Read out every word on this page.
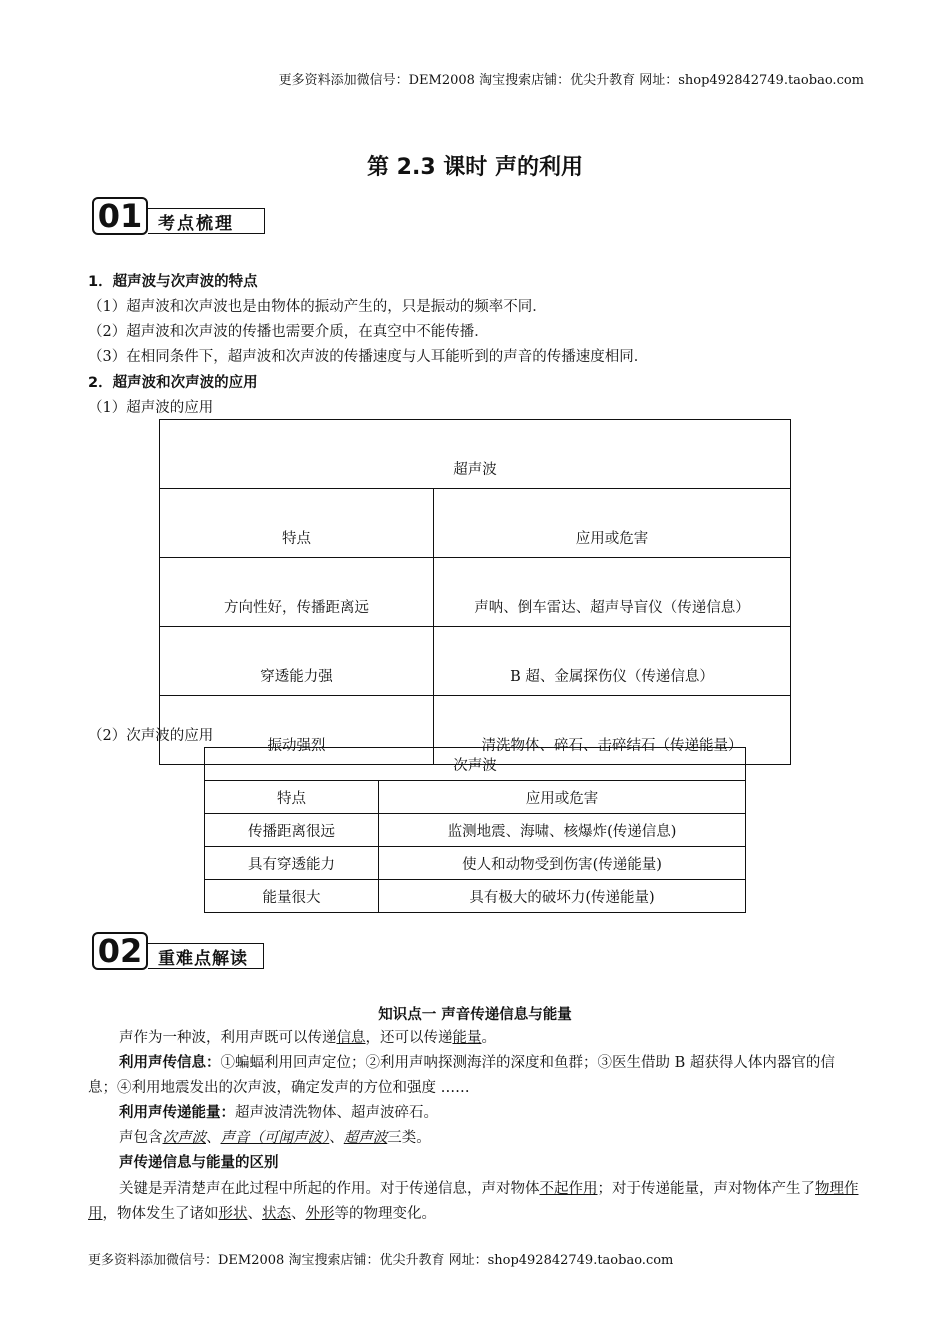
更多资料添加微信号：DEM2008 淘宝搜索店铺：优尖升教育 网址：shop492842749.taobao.com
第 2.3 课时 声的利用
01 考点梳理
1．超声波与次声波的特点
（1）超声波和次声波也是由物体的振动产生的，只是振动的频率不同．
（2）超声波和次声波的传播也需要介质，在真空中不能传播．
（3）在相同条件下，超声波和次声波的传播速度与人耳能听到的声音的传播速度相同．
2．超声波和次声波的应用
（1）超声波的应用
超声波	
特点	应用或危害
方向性好，传播距离远	声呐、倒车雷达、超声导盲仪（传递信息）
穿透能力强	B 超、金属探伤仪（传递信息）
振动强烈	清洗物体、碎石、击碎结石（传递能量）
（2）次声波的应用
次声波	
特点	应用或危害
传播距离很远	监测地震、海啸、核爆炸(传递信息)
具有穿透能力	使人和动物受到伤害(传递能量)
能量很大	具有极大的破坏力(传递能量)
02 重难点解读
知识点一 声音传递信息与能量
声作为一种波，利用声既可以传递信息，还可以传递能量。
利用声传信息：①蝙蝠利用回声定位；②利用声呐探测海洋的深度和鱼群；③医生借助 B 超获得人体内器官的信息；④利用地震发出的次声波，确定发声的方位和强度 ……
利用声传递能量：超声波清洗物体、超声波碎石。
声包含次声波、声音（可闻声波）、超声波三类。
声传递信息与能量的区别
关键是弄清楚声在此过程中所起的作用。对于传递信息，声对物体不起作用；对于传递能量，声对物体产生了物理作用，物体发生了诸如形状、状态、外形等的物理变化。
更多资料添加微信号：DEM2008 淘宝搜索店铺：优尖升教育 网址：shop492842749.taobao.com
